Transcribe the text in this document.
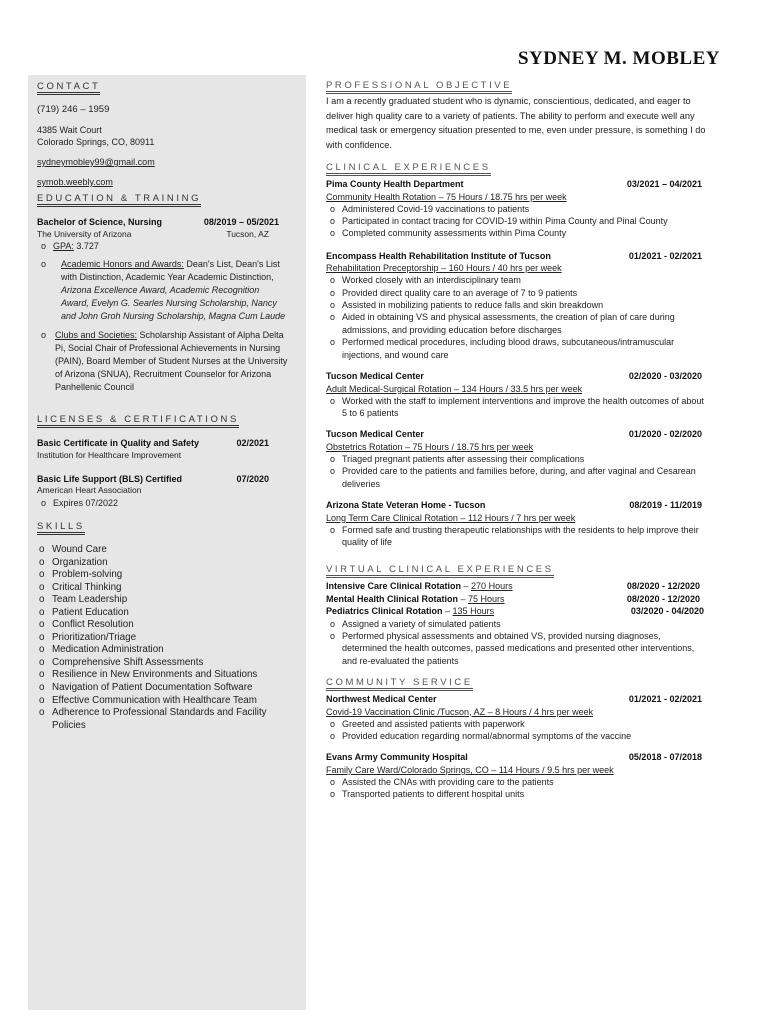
SYDNEY M. MOBLEY
CONTACT
(719) 246 – 1959
4385 Wait Court
Colorado Springs, CO, 80911
sydneymobley99@gmail.com
symob.weebly.com
EDUCATION & TRAINING
Bachelor of Science, Nursing	08/2019 – 05/2021
The University of Arizona	Tucson, AZ
o GPA: 3.727
o Academic Honors and Awards: Dean's List, Dean's List with Distinction, Academic Year Academic Distinction, Arizona Excellence Award, Academic Recognition Award, Evelyn G. Searles Nursing Scholarship, Nancy and John Groh Nursing Scholarship, Magna Cum Laude
o Clubs and Societies: Scholarship Assistant of Alpha Delta Pi, Social Chair of Professional Achievements in Nursing (PAIN), Board Member of Student Nurses at the University of Arizona (SNUA), Recruitment Counselor for Arizona Panhellenic Council
LICENSES & CERTIFICATIONS
Basic Certificate in Quality and Safety	02/2021
Institution for Healthcare Improvement
Basic Life Support (BLS) Certified	07/2020
American Heart Association
o Expires 07/2022
SKILLS
o Wound Care
o Organization
o Problem-solving
o Critical Thinking
o Team Leadership
o Patient Education
o Conflict Resolution
o Prioritization/Triage
o Medication Administration
o Comprehensive Shift Assessments
o Resilience in New Environments and Situations
o Navigation of Patient Documentation Software
o Effective Communication with Healthcare Team
o Adherence to Professional Standards and Facility Policies
PROFESSIONAL OBJECTIVE
I am a recently graduated student who is dynamic, conscientious, dedicated, and eager to deliver high quality care to a variety of patients. The ability to perform and execute well any medical task or emergency situation presented to me, even under pressure, is something I do with confidence.
CLINICAL EXPERIENCES
Pima County Health Department	03/2021 – 04/2021
Community Health Rotation – 75 Hours / 18.75 hrs per week
o Administered Covid-19 vaccinations to patients
o Participated in contact tracing for COVID-19 within Pima County and Pinal County
o Completed community assessments within Pima County
Encompass Health Rehabilitation Institute of Tucson	01/2021 - 02/2021
Rehabilitation Preceptorship – 160 Hours / 40 hrs per week
o Worked closely with an interdisciplinary team
o Provided direct quality care to an average of 7 to 9 patients
o Assisted in mobilizing patients to reduce falls and skin breakdown
o Aided in obtaining VS and physical assessments, the creation of plan of care during admissions, and providing education before discharges
o Performed medical procedures, including blood draws, subcutaneous/intramuscular injections, and wound care
Tucson Medical Center	02/2020 - 03/2020
Adult Medical-Surgical Rotation – 134 Hours / 33.5 hrs per week
o Worked with the staff to implement interventions and improve the health outcomes of about 5 to 6 patients
Tucson Medical Center	01/2020 - 02/2020
Obstetrics Rotation – 75 Hours / 18.75 hrs per week
o Triaged pregnant patients after assessing their complications
o Provided care to the patients and families before, during, and after vaginal and Cesarean deliveries
Arizona State Veteran Home - Tucson	08/2019 - 11/2019
Long Term Care Clinical Rotation – 112 Hours / 7 hrs per week
o Formed safe and trusting therapeutic relationships with the residents to help improve their quality of life
VIRTUAL CLINICAL EXPERIENCES
Intensive Care Clinical Rotation – 270 Hours	08/2020 - 12/2020
Mental Health Clinical Rotation – 75 Hours	08/2020 - 12/2020
Pediatrics Clinical Rotation – 135 Hours	03/2020 - 04/2020
o Assigned a variety of simulated patients
o Performed physical assessments and obtained VS, provided nursing diagnoses, determined the health outcomes, passed medications and presented other interventions, and re-evaluated the patients
COMMUNITY SERVICE
Northwest Medical Center	01/2021 - 02/2021
Covid-19 Vaccination Clinic /Tucson, AZ – 8 Hours / 4 hrs per week
o Greeted and assisted patients with paperwork
o Provided education regarding normal/abnormal symptoms of the vaccine
Evans Army Community Hospital	05/2018 - 07/2018
Family Care Ward/Colorado Springs, CO – 114 Hours / 9.5 hrs per week
o Assisted the CNAs with providing care to the patients
o Transported patients to different hospital units
